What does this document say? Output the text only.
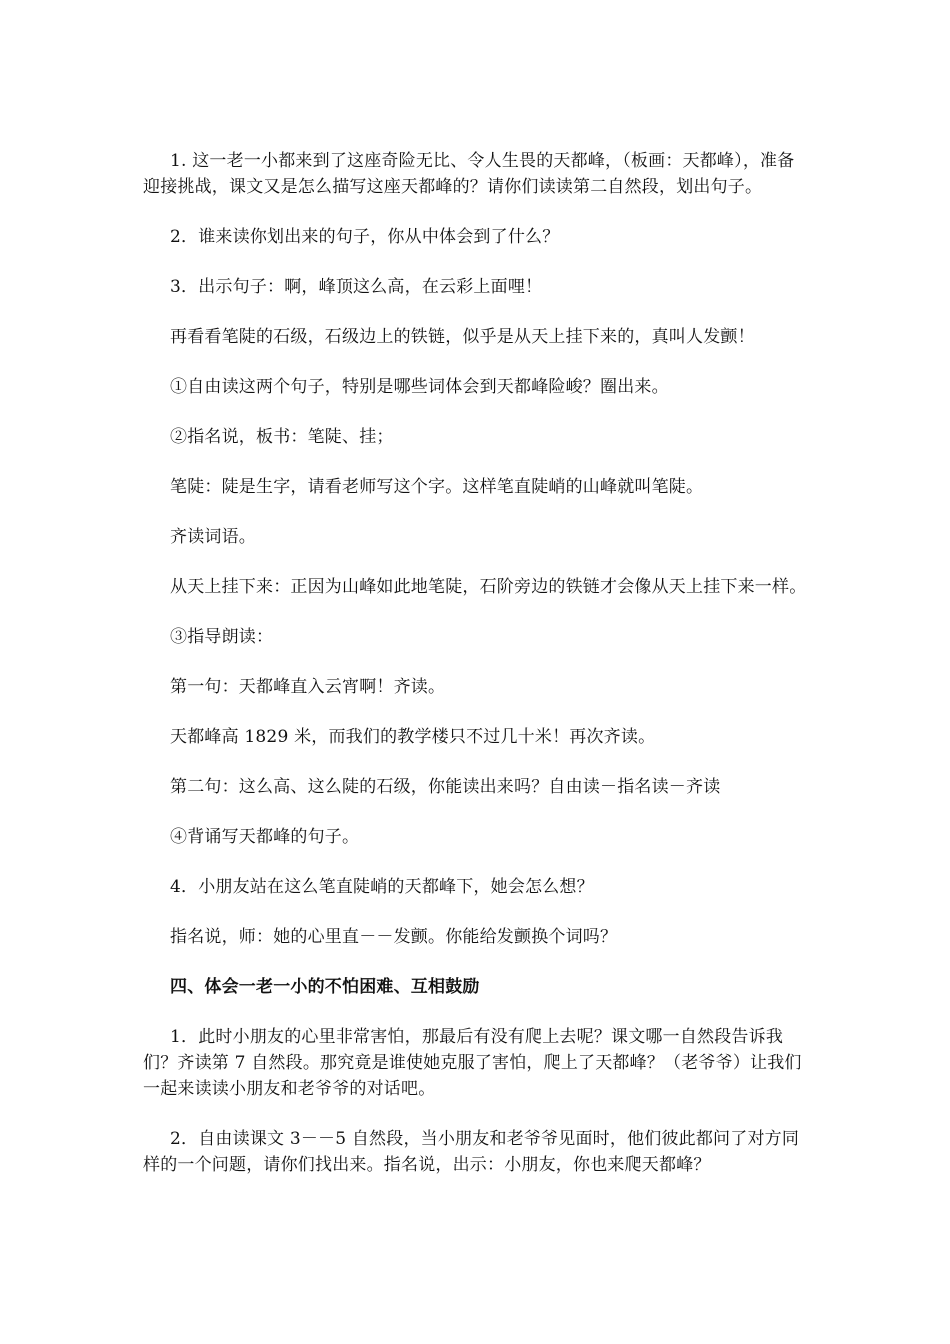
1. 这一老一小都来到了这座奇险无比、令人生畏的天都峰，（板画：天都峰），准备迎接挑战，课文又是怎么描写这座天都峰的？请你们读读第二自然段，划出句子。

2．谁来读你划出来的句子，你从中体会到了什么？

3．出示句子：啊，峰顶这么高，在云彩上面哩！

再看看笔陡的石级，石级边上的铁链，似乎是从天上挂下来的，真叫人发颤！

①自由读这两个句子，特别是哪些词体会到天都峰险峻？圈出来。

②指名说，板书：笔陡、挂；

笔陡：陡是生字，请看老师写这个字。这样笔直陡峭的山峰就叫笔陡。

齐读词语。

从天上挂下来：正因为山峰如此地笔陡，石阶旁边的铁链才会像从天上挂下来一样。

③指导朗读：

第一句：天都峰直入云宵啊！齐读。

天都峰高 1829 米，而我们的教学楼只不过几十米！再次齐读。

第二句：这么高、这么陡的石级，你能读出来吗？自由读－指名读－齐读

④背诵写天都峰的句子。

4．小朋友站在这么笔直陡峭的天都峰下，她会怎么想？

指名说，师：她的心里直－－发颤。你能给发颤换个词吗？

四、体会一老一小的不怕困难、互相鼓励

1．此时小朋友的心里非常害怕，那最后有没有爬上去呢？课文哪一自然段告诉我们？齐读第 7 自然段。那究竟是谁使她克服了害怕，爬上了天都峰？（老爷爷）让我们一起来读读小朋友和老爷爷的对话吧。

2．自由读课文 3－－5 自然段，当小朋友和老爷爷见面时，他们彼此都问了对方同样的一个问题，请你们找出来。指名说，出示：小朋友，你也来爬天都峰？
